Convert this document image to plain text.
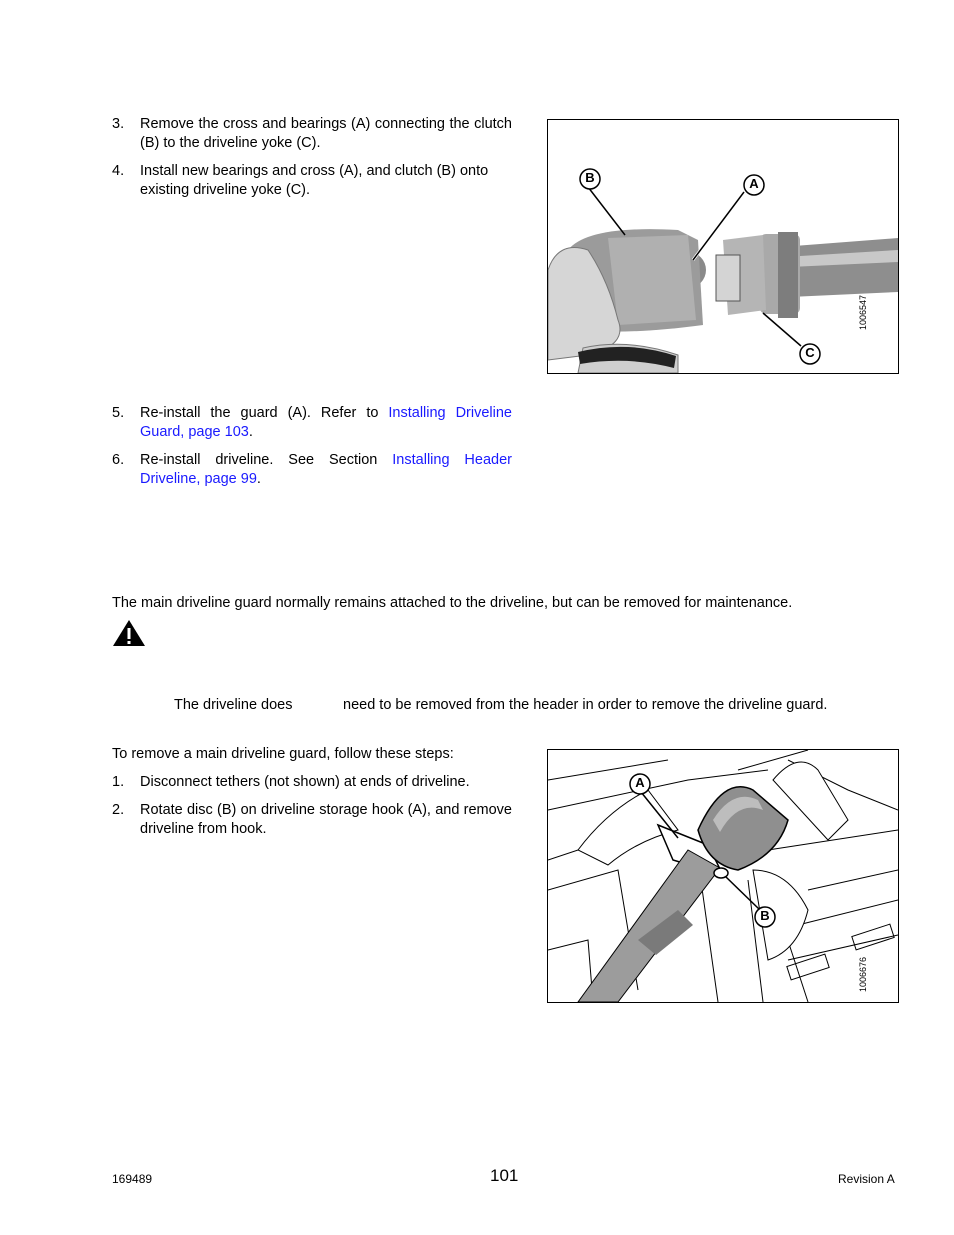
3. Remove the cross and bearings (A) connecting the clutch (B) to the driveline yoke (C).
4. Install new bearings and cross (A), and clutch (B) onto existing driveline yoke (C).
B	A
C
1006547
5. Re-install the guard (A). Refer to Installing Driveline Guard, page 103.
6. Re-install driveline. See Section Installing Header Driveline, page 99.
The main driveline guard normally remains attached to the driveline, but can be removed for maintenance.
The driveline does	need to be removed from the header in order to remove the driveline guard.
To remove a main driveline guard, follow these steps:
1. Disconnect tethers (not shown) at ends of driveline.
2. Rotate disc (B) on driveline storage hook (A), and remove driveline from hook.
A
B
1006676
169489	101	Revision A
